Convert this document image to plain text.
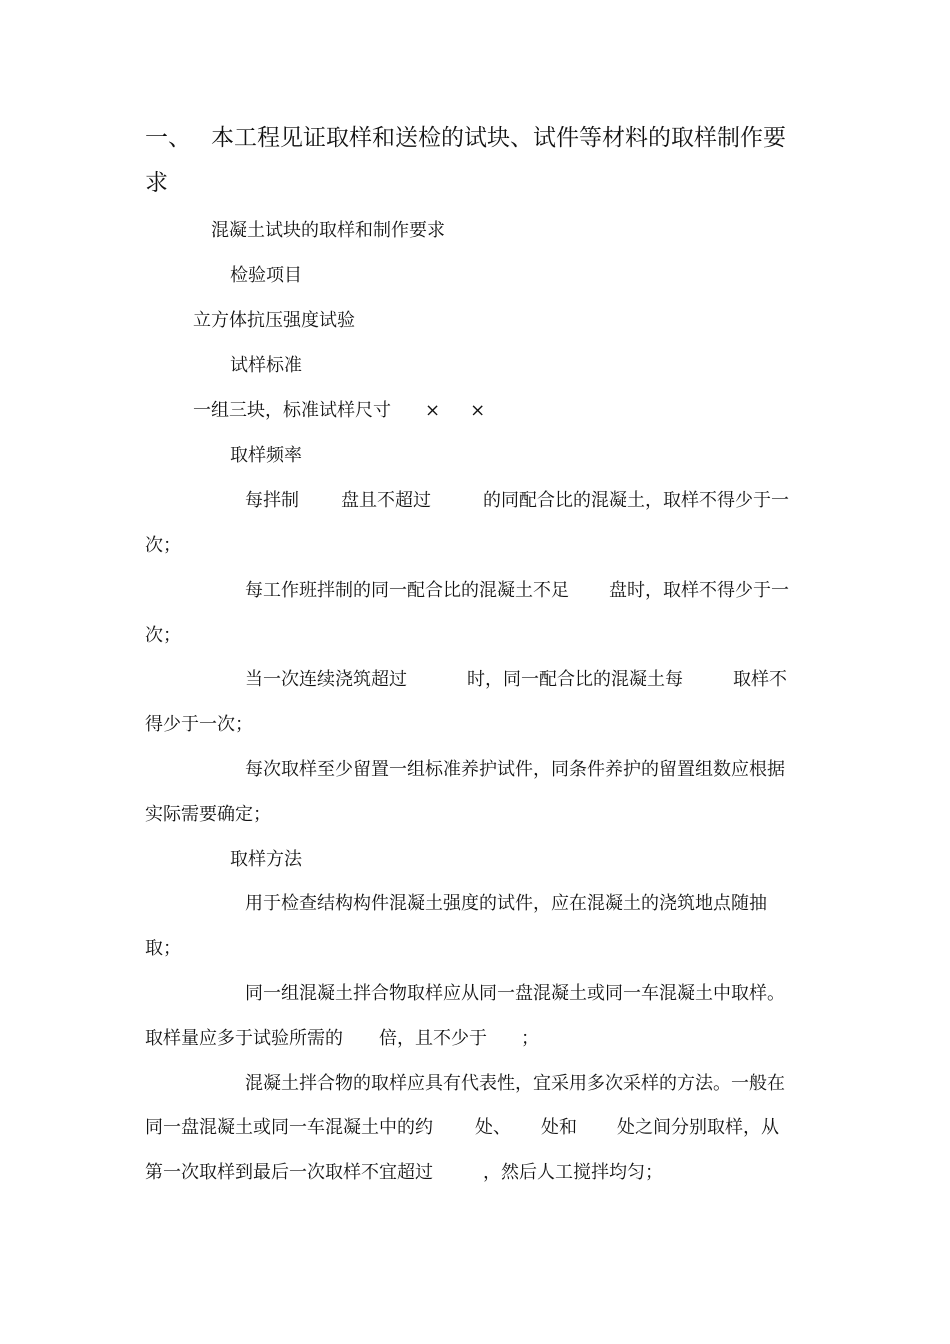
一、 本工程见证取样和送检的试块、试件等材料的取样制作要
求
混凝土试块的取样和制作要求
检验项目
立方体抗压强度试验
试样标准
一组三块，标准试样尺寸 × ×
取样频率
每拌制 盘且不超过	的同配合比的混凝土，取样不得少于一
次；
每工作班拌制的同一配合比的混凝土不足 盘时，取样不得少于一
次；
当一次连续浇筑超过	时，同一配合比的混凝土每	取样不
得少于一次；
每次取样至少留置一组标准养护试件，同条件养护的留置组数应根据
实际需要确定；
取样方法
用于检查结构构件混凝土强度的试件，应在混凝土的浇筑地点随抽
取；
同一组混凝土拌合物取样应从同一盘混凝土或同一车混凝土中取样。
取样量应多于试验所需的 倍，且不少于 ；
混凝土拌合物的取样应具有代表性，宜采用多次采样的方法。一般在
同一盘混凝土或同一车混凝土中的约 处、 处和 处之间分别取样，从
第一次取样到最后一次取样不宜超过	，然后人工搅拌均匀；
